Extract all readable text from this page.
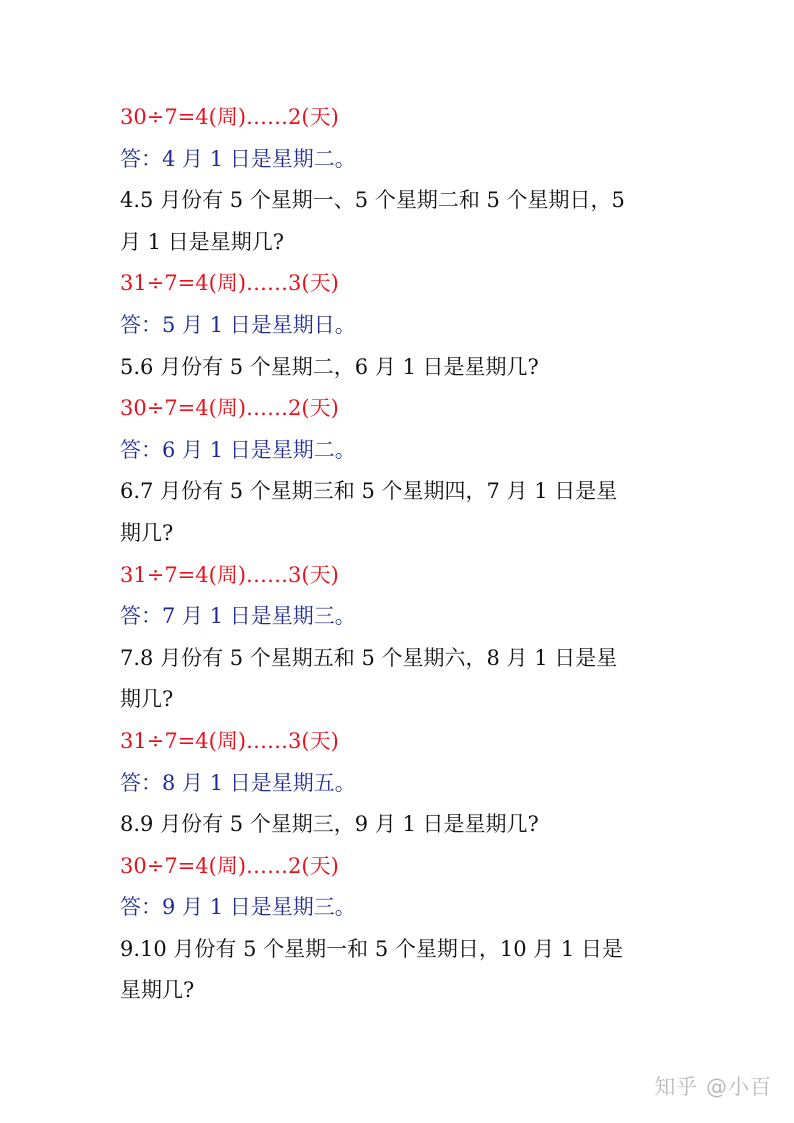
30÷7=4(周)……2(天)
答：4 月 1 日是星期二。
4.5 月份有 5 个星期一、5 个星期二和 5 个星期日，5
月 1 日是星期几?
31÷7=4(周)……3(天)
答：5 月 1 日是星期日。
5.6 月份有 5 个星期二，6 月 1 日是星期几?
30÷7=4(周)……2(天)
答：6 月 1 日是星期二。
6.7 月份有 5 个星期三和 5 个星期四，7 月 1 日是星
期几?
31÷7=4(周)……3(天)
答：7 月 1 日是星期三。
7.8 月份有 5 个星期五和 5 个星期六，8 月 1 日是星
期几?
31÷7=4(周)……3(天)
答：8 月 1 日是星期五。
8.9 月份有 5 个星期三，9 月 1 日是星期几?
30÷7=4(周)……2(天)
答：9 月 1 日是星期三。
9.10 月份有 5 个星期一和 5 个星期日，10 月 1 日是
星期几?
知乎 @小百
